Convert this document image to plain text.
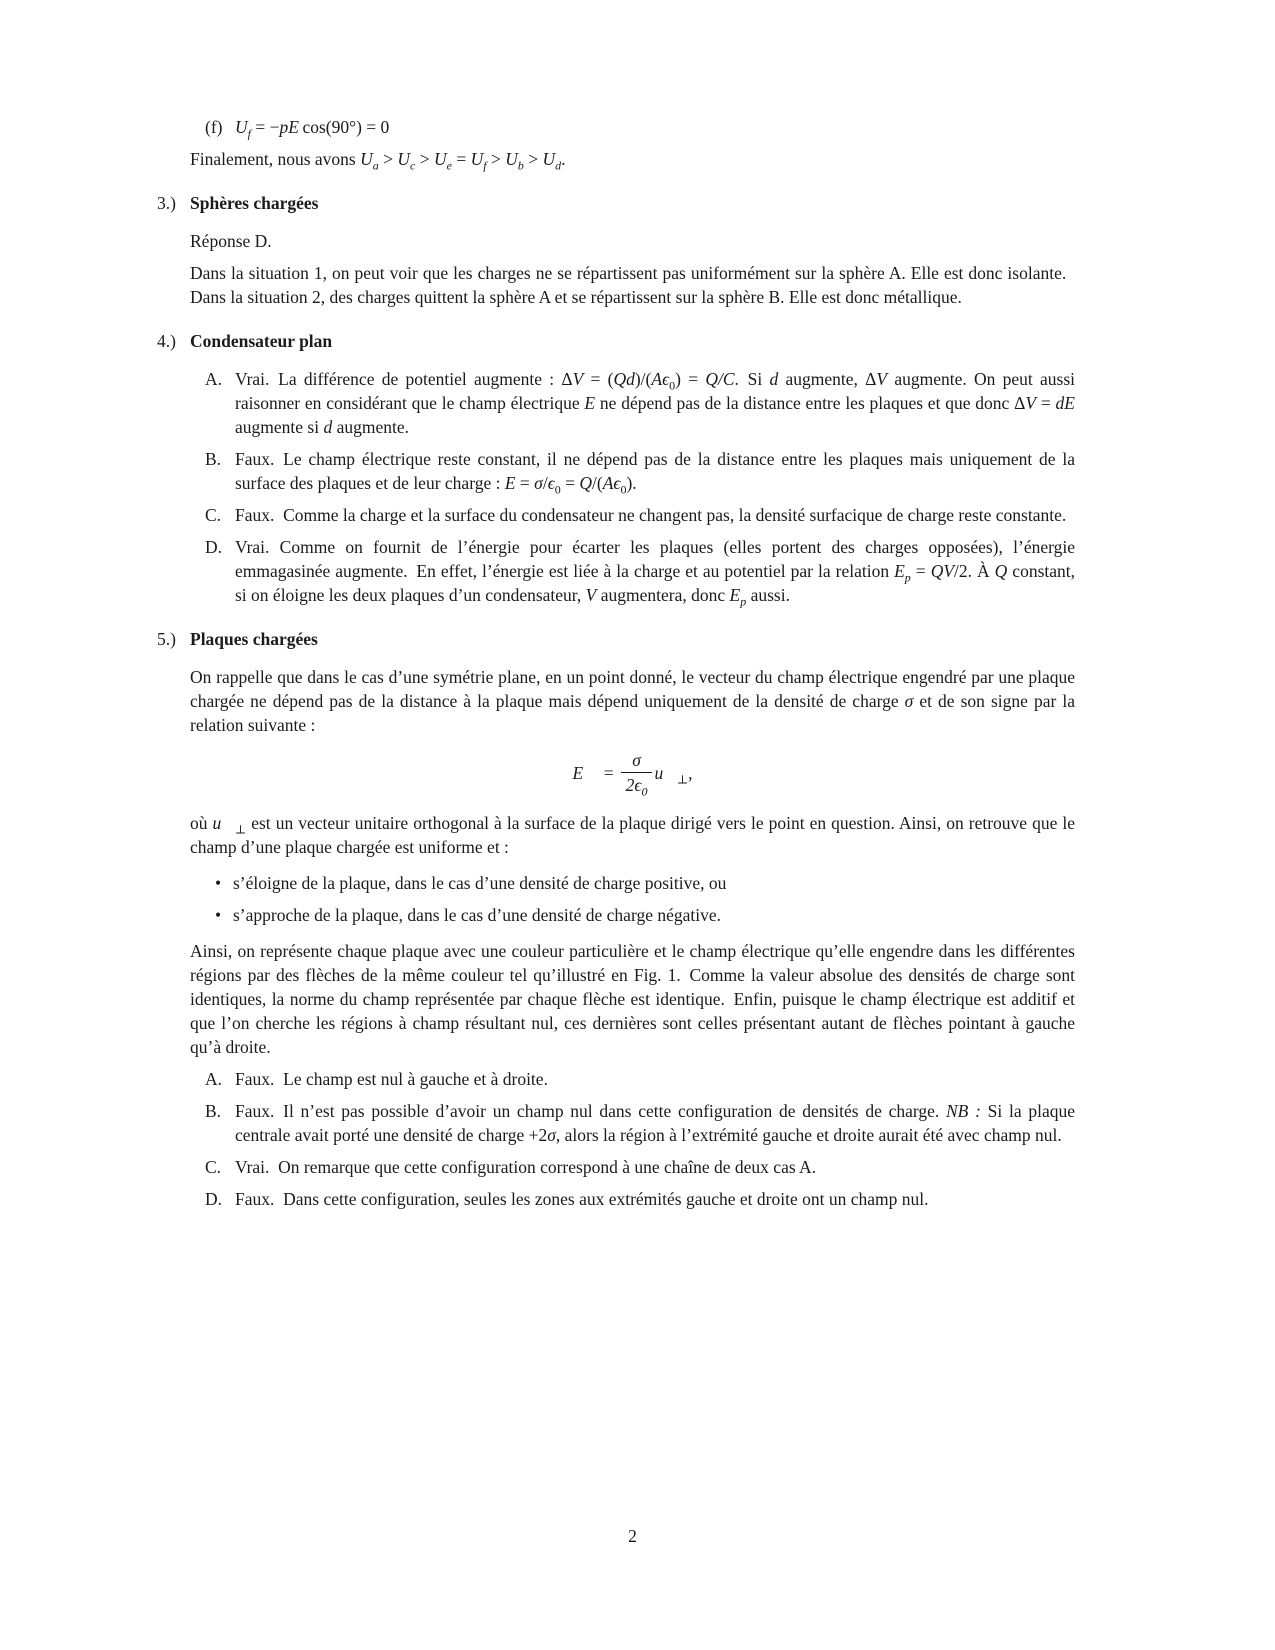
(f) $U_f = -pE$ cos(90°) = 0

Finalement, nous avons $U_a > U_c > U_e = U_f > U_b > U_d$.

3.) Sphères chargées

Réponse D.

Dans la situation 1, on peut voir que les charges ne se répartissent pas uniformément sur la sphère A. Elle est donc isolante. Dans la situation 2, des charges quittent la sphère A et se répartissent sur la sphère B. Elle est donc métallique.

4.) Condensateur plan
A. Vrai. La différence de potentiel augmente : $\Delta V = (Qd)/(A\epsilon_0) = Q/C$. Si d augmente, ΔV augmente. On peut aussi raisonner en considérant que le champ électrique E ne dépend pas de la distance entre les plaques et que donc ΔV = dE augmente si d augmente.
B. Faux. Le champ électrique reste constant, il ne dépend pas de la distance entre les plaques mais uniquement de la surface des plaques et de leur charge : $E = \sigma/\epsilon_0 = Q/(A\epsilon_0)$.
C. Faux. Comme la charge et la surface du condensateur ne changent pas, la densité surfacique de charge reste constante.
D. Vrai. Comme on fournit de l’énergie pour écarter les plaques (elles portent des charges opposées), l’énergie emmagasinée augmente. En effet, l’énergie est liée à la charge et au potentiel par la relation $E_p = QV/2$. À Q constant, si on éloigne les deux plaques d’un condensateur, V augmentera, donc $E_p$ aussi.
5.) Plaques chargées

On rappelle que dans le cas d’une symétrie plane, en un point donné, le vecteur du champ électrique engendré par une plaque chargée ne dépend pas de la distance à la plaque mais dépend uniquement de la densité de charge σ et de son signe par la relation suivante :

E⃗ = $\frac{\sigma}{2\epsilon_0}$ $u⃗_\perp$,

où $u⃗_\perp$ est un vecteur unitaire orthogonal à la surface de la plaque dirigé vers le point en question. Ainsi, on retrouve que le champ d’une plaque chargée est uniforme et :

• s’éloigne de la plaque, dans le cas d’une densité de charge positive, ou
• s’approche de la plaque, dans le cas d’une densité de charge négative.

Ainsi, on représente chaque plaque avec une couleur particulière et le champ électrique qu’elle engendre dans les différentes régions par des flèches de la même couleur tel qu’illustré en Fig. 1. Comme la valeur absolue des densités de charge sont identiques, la norme du champ représentée par chaque flèche est identique. Enfin, puisque le champ électrique est additif et que l’on cherche les régions à champ résultant nul, ces dernières sont celles présentant autant de flèches pointant à gauche qu’à droite.

A. Faux. Le champ est nul à gauche et à droite.
B. Faux. Il n’est pas possible d’avoir un champ nul dans cette configuration de densités de charge. NB : Si la plaque centrale avait porté une densité de charge +2σ, alors la région à l’extrémité gauche et droite aurait été avec champ nul.
C. Vrai. On remarque que cette configuration correspond à une chaîne de deux cas A.
D. Faux. Dans cette configuration, seules les zones aux extrémités gauche et droite ont un champ nul.
2
